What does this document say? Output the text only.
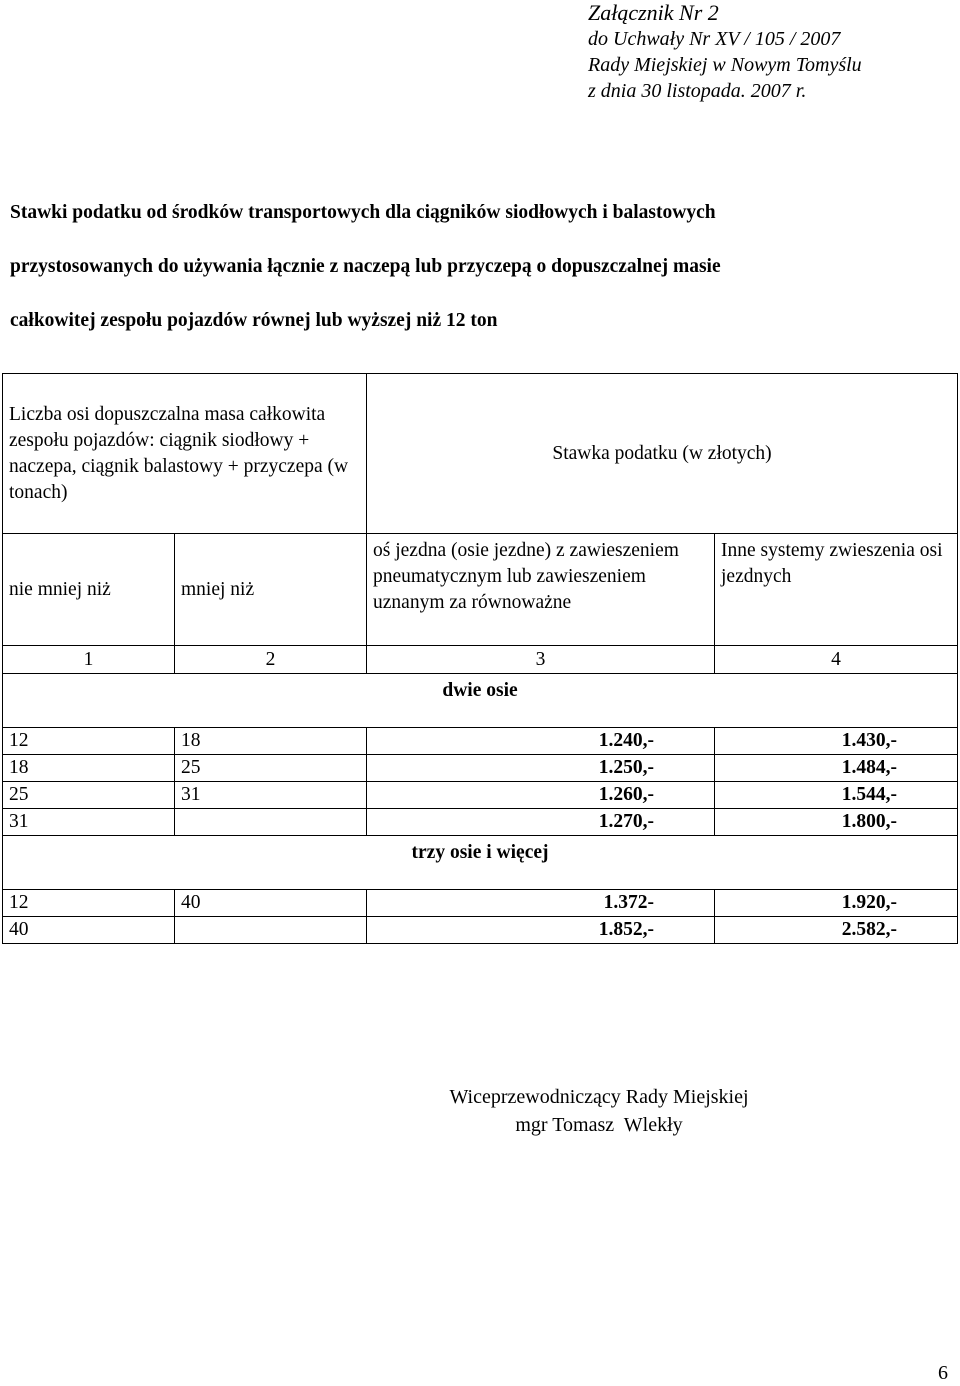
Załącznik Nr 2
do Uchwały Nr XV / 105 / 2007
Rady Miejskiej w Nowym Tomyślu
z dnia 30 listopada. 2007 r.
Stawki podatku od środków transportowych dla ciągników siodłowych i balastowych
przystosowanych do używania łącznie z naczepą lub przyczepą o dopuszczalnej masie
całkowitej zespołu pojazdów równej lub wyższej niż 12 ton
Liczba osi dopuszczalna masa całkowita zespołu pojazdów: ciągnik siodłowy + naczepa, ciągnik balastowy + przyczepa (w tonach)		Stawka podatku (w złotych)	
nie mniej niż	mniej niż	oś jezdna (osie jezdne) z zawieszeniem pneumatycznym lub zawieszeniem uznanym za równoważne	Inne systemy zwieszenia osi jezdnych
1	2	3	4
dwie osie			
12	18	1.240,-	1.430,-
18	25	1.250,-	1.484,-
25	31	1.260,-	1.544,-
31		1.270,-	1.800,-
trzy osie i więcej			
12	40	1.372-	1.920,-
40		1.852,-	2.582,-
Wiceprzewodniczący Rady Miejskiej
mgr Tomasz  Wlekły
6
